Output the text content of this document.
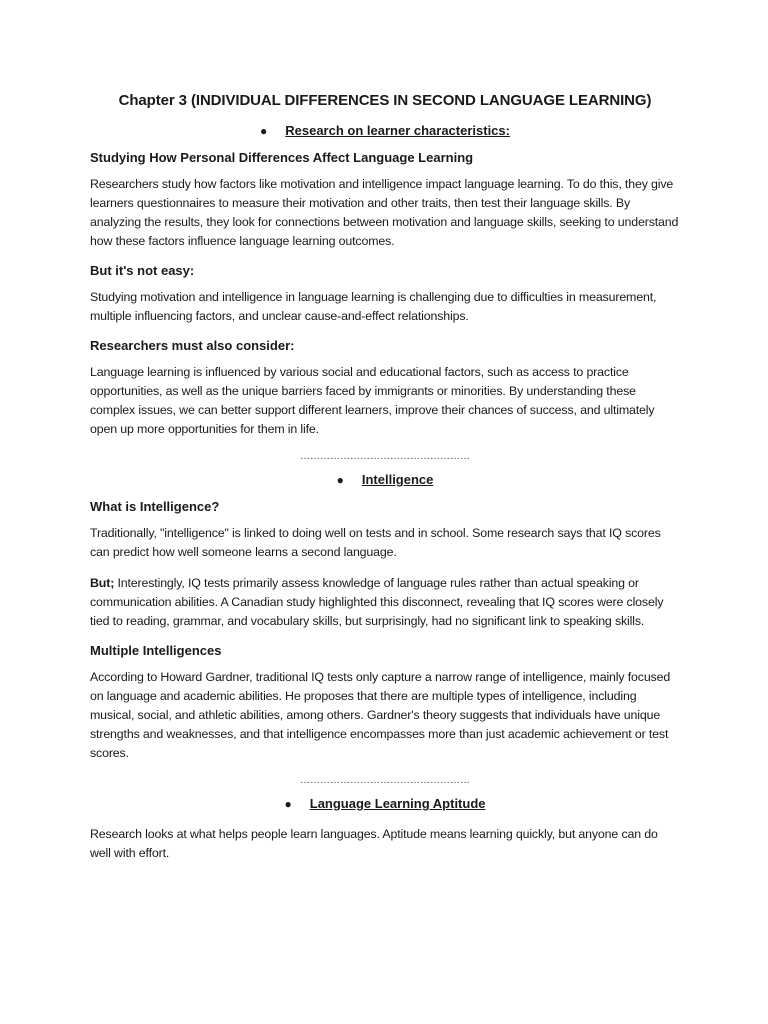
Chapter 3 (INDIVIDUAL DIFFERENCES IN SECOND LANGUAGE LEARNING)
● Research on learner characteristics:
Studying How Personal Differences Affect Language Learning

Researchers study how factors like motivation and intelligence impact language learning. To do this, they give learners questionnaires to measure their motivation and other traits, then test their language skills. By analyzing the results, they look for connections between motivation and language skills, seeking to understand how these factors influence language learning outcomes.

But it's not easy:

Studying motivation and intelligence in language learning is challenging due to difficulties in measurement, multiple influencing factors, and unclear cause-and-effect relationships.

Researchers must also consider:

Language learning is influenced by various social and educational factors, such as access to practice opportunities, as well as the unique barriers faced by immigrants or minorities. By understanding these complex issues, we can better support different learners, improve their chances of success, and ultimately open up more opportunities for them in life.

……………………………………………
● Intelligence
What is Intelligence?

Traditionally, "intelligence" is linked to doing well on tests and in school. Some research says that IQ scores can predict how well someone learns a second language.

But; Interestingly, IQ tests primarily assess knowledge of language rules rather than actual speaking or communication abilities. A Canadian study highlighted this disconnect, revealing that IQ scores were closely tied to reading, grammar, and vocabulary skills, but surprisingly, had no significant link to speaking skills.

Multiple Intelligences

According to Howard Gardner, traditional IQ tests only capture a narrow range of intelligence, mainly focused on language and academic abilities. He proposes that there are multiple types of intelligence, including musical, social, and athletic abilities, among others. Gardner's theory suggests that individuals have unique strengths and weaknesses, and that intelligence encompasses more than just academic achievement or test scores.

……………………………………………
● Language Learning Aptitude

Research looks at what helps people learn languages. Aptitude means learning quickly, but anyone can do well with effort.
